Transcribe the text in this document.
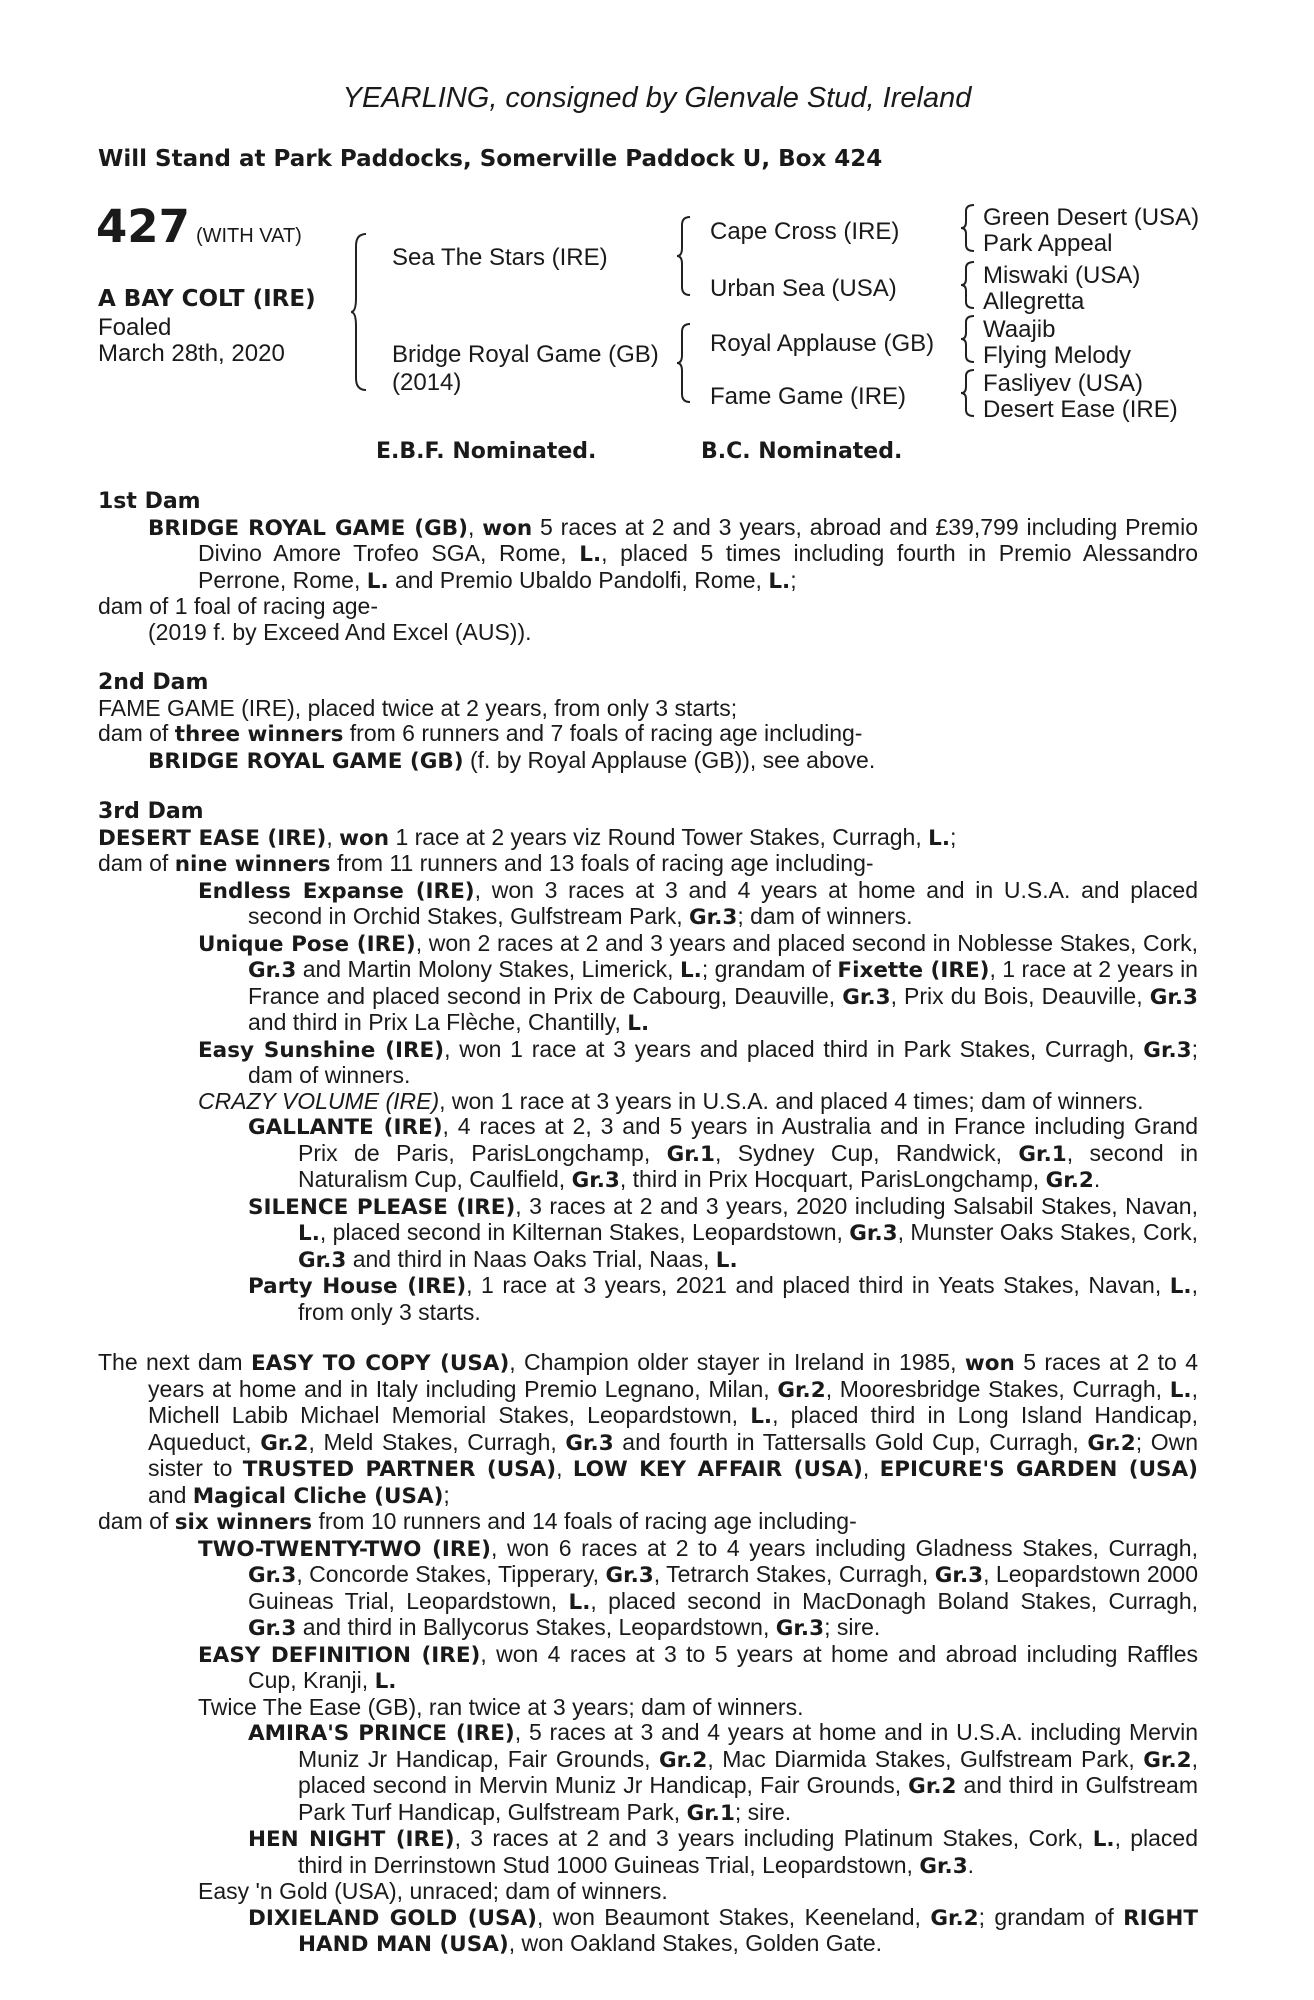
YEARLING, consigned by Glenvale Stud, Ireland
Will Stand at Park Paddocks, Somerville Paddock U, Box 424
427 (WITH VAT)
A BAY COLT (IRE)
Foaled
March 28th, 2020
Sea The Stars (IRE)
Bridge Royal Game (GB)
(2014)
Cape Cross (IRE)
Urban Sea (USA)
Royal Applause (GB)
Fame Game (IRE)
Green Desert (USA)
Park Appeal
Miswaki (USA)
Allegretta
Waajib
Flying Melody
Fasliyev (USA)
Desert Ease (IRE)
E.B.F. Nominated.	B.C. Nominated.

1st Dam

BRIDGE ROYAL GAME (GB), won 5 races at 2 and 3 years, abroad and £39,799 including Premio Divino Amore Trofeo SGA, Rome, L., placed 5 times including fourth in Premio Alessandro Perrone, Rome, L. and Premio Ubaldo Pandolfi, Rome, L.;

dam of 1 foal of racing age-

(2019 f. by Exceed And Excel (AUS)).

2nd Dam

FAME GAME (IRE), placed twice at 2 years, from only 3 starts;

dam of three winners from 6 runners and 7 foals of racing age including-

BRIDGE ROYAL GAME (GB) (f. by Royal Applause (GB)), see above.

3rd Dam

DESERT EASE (IRE), won 1 race at 2 years viz Round Tower Stakes, Curragh, L.;

dam of nine winners from 11 runners and 13 foals of racing age including-

Endless Expanse (IRE), won 3 races at 3 and 4 years at home and in U.S.A. and placed second in Orchid Stakes, Gulfstream Park, Gr.3; dam of winners.

Unique Pose (IRE), won 2 races at 2 and 3 years and placed second in Noblesse Stakes, Cork, Gr.3 and Martin Molony Stakes, Limerick, L.; grandam of Fixette (IRE), 1 race at 2 years in France and placed second in Prix de Cabourg, Deauville, Gr.3, Prix du Bois, Deauville, Gr.3 and third in Prix La Flèche, Chantilly, L.

Easy Sunshine (IRE), won 1 race at 3 years and placed third in Park Stakes, Curragh, Gr.3; dam of winners.

CRAZY VOLUME (IRE), won 1 race at 3 years in U.S.A. and placed 4 times; dam of winners.

GALLANTE (IRE), 4 races at 2, 3 and 5 years in Australia and in France including Grand Prix de Paris, ParisLongchamp, Gr.1, Sydney Cup, Randwick, Gr.1, second in Naturalism Cup, Caulfield, Gr.3, third in Prix Hocquart, ParisLongchamp, Gr.2.

SILENCE PLEASE (IRE), 3 races at 2 and 3 years, 2020 including Salsabil Stakes, Navan, L., placed second in Kilternan Stakes, Leopardstown, Gr.3, Munster Oaks Stakes, Cork, Gr.3 and third in Naas Oaks Trial, Naas, L.

Party House (IRE), 1 race at 3 years, 2021 and placed third in Yeats Stakes, Navan, L., from only 3 starts.

The next dam EASY TO COPY (USA), Champion older stayer in Ireland in 1985, won 5 races at 2 to 4 years at home and in Italy including Premio Legnano, Milan, Gr.2, Mooresbridge Stakes, Curragh, L., Michell Labib Michael Memorial Stakes, Leopardstown, L., placed third in Long Island Handicap, Aqueduct, Gr.2, Meld Stakes, Curragh, Gr.3 and fourth in Tattersalls Gold Cup, Curragh, Gr.2; Own sister to TRUSTED PARTNER (USA), LOW KEY AFFAIR (USA), EPICURE'S GARDEN (USA) and Magical Cliche (USA);

dam of six winners from 10 runners and 14 foals of racing age including-

TWO-TWENTY-TWO (IRE), won 6 races at 2 to 4 years including Gladness Stakes, Curragh, Gr.3, Concorde Stakes, Tipperary, Gr.3, Tetrarch Stakes, Curragh, Gr.3, Leopardstown 2000 Guineas Trial, Leopardstown, L., placed second in MacDonagh Boland Stakes, Curragh, Gr.3 and third in Ballycorus Stakes, Leopardstown, Gr.3; sire.

EASY DEFINITION (IRE), won 4 races at 3 to 5 years at home and abroad including Raffles Cup, Kranji, L.

Twice The Ease (GB), ran twice at 3 years; dam of winners.

AMIRA'S PRINCE (IRE), 5 races at 3 and 4 years at home and in U.S.A. including Mervin Muniz Jr Handicap, Fair Grounds, Gr.2, Mac Diarmida Stakes, Gulfstream Park, Gr.2, placed second in Mervin Muniz Jr Handicap, Fair Grounds, Gr.2 and third in Gulfstream Park Turf Handicap, Gulfstream Park, Gr.1; sire.

HEN NIGHT (IRE), 3 races at 2 and 3 years including Platinum Stakes, Cork, L., placed third in Derrinstown Stud 1000 Guineas Trial, Leopardstown, Gr.3.

Easy 'n Gold (USA), unraced; dam of winners.

DIXIELAND GOLD (USA), won Beaumont Stakes, Keeneland, Gr.2; grandam of RIGHT HAND MAN (USA), won Oakland Stakes, Golden Gate.
